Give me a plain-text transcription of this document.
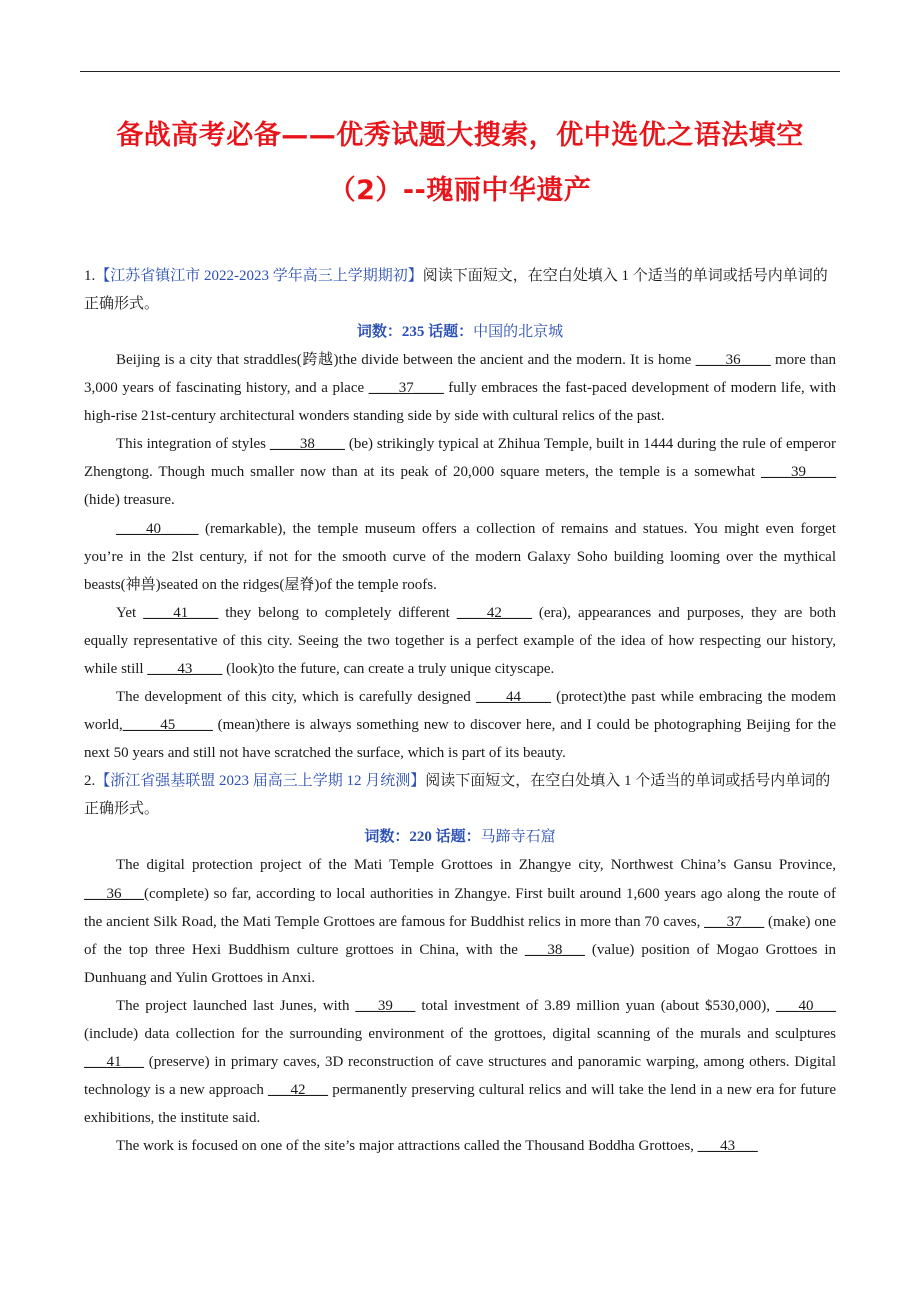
备战高考必备——优秀试题大搜索，优中选优之语法填空
（2）--瑰丽中华遗产
1.【江苏省镇江市 2022-2023 学年高三上学期期初】阅读下面短文，在空白处填入 1 个适当的单词或括号内单词的正确形式。
词数：235 话题：中国的北京城

Beijing is a city that straddles(跨越)the divide between the ancient and the modern. It is home ____36____ more than 3,000 years of fascinating history, and a place ____37____ fully embraces the fast-paced development of modern life, with high-rise 21st-century architectural wonders standing side by side with cultural relics of the past.

This integration of styles ____38____ (be) strikingly typical at Zhihua Temple, built in 1444 during the rule of emperor Zhengtong. Though much smaller now than at its peak of 20,000 square meters, the temple is a somewhat ____39____ (hide) treasure.

____40_____ (remarkable), the temple museum offers a collection of remains and statues. You might even forget you’re in the 2lst century, if not for the smooth curve of the modern Galaxy Soho building looming over the mythical beasts(神兽)seated on the ridges(屋脊)of the temple roofs.

Yet ____41____ they belong to completely different ____42____ (era), appearances and purposes, they are both equally representative of this city. Seeing the two together is a perfect example of the idea of how respecting our history, while still ____43____ (look)to the future, can create a truly unique cityscape.

The development of this city, which is carefully designed ____44____ (protect)the past while embracing the modem world,_____45_____ (mean)there is always something new to discover here, and I could be photographing Beijing for the next 50 years and still not have scratched the surface, which is part of its beauty.

2.【浙江省强基联盟 2023 届高三上学期 12 月统测】阅读下面短文，在空白处填入 1 个适当的单词或括号内单词的正确形式。
词数：220 话题：马蹄寺石窟

The digital protection project of the Mati Temple Grottoes in Zhangye city, Northwest China’s Gansu Province, ___36___(complete) so far, according to local authorities in Zhangye. First built around 1,600 years ago along the route of the ancient Silk Road, the Mati Temple Grottoes are famous for Buddhist relics in more than 70 caves, ___37___ (make) one of the top three Hexi Buddhism culture grottoes in China, with the ___38___ (value) position of Mogao Grottoes in Dunhuang and Yulin Grottoes in Anxi.

The project launched last Junes, with ___39___ total investment of 3.89 million yuan (about $530,000), ___40___ (include) data collection for the surrounding environment of the grottoes, digital scanning of the murals and sculptures ___41___ (preserve) in primary caves, 3D reconstruction of cave structures and panoramic warping, among others. Digital technology is a new approach ___42___ permanently preserving cultural relics and will take the lend in a new era for future exhibitions, the institute said.

The work is focused on one of the site’s major attractions called the Thousand Boddha Grottoes, ___43___
